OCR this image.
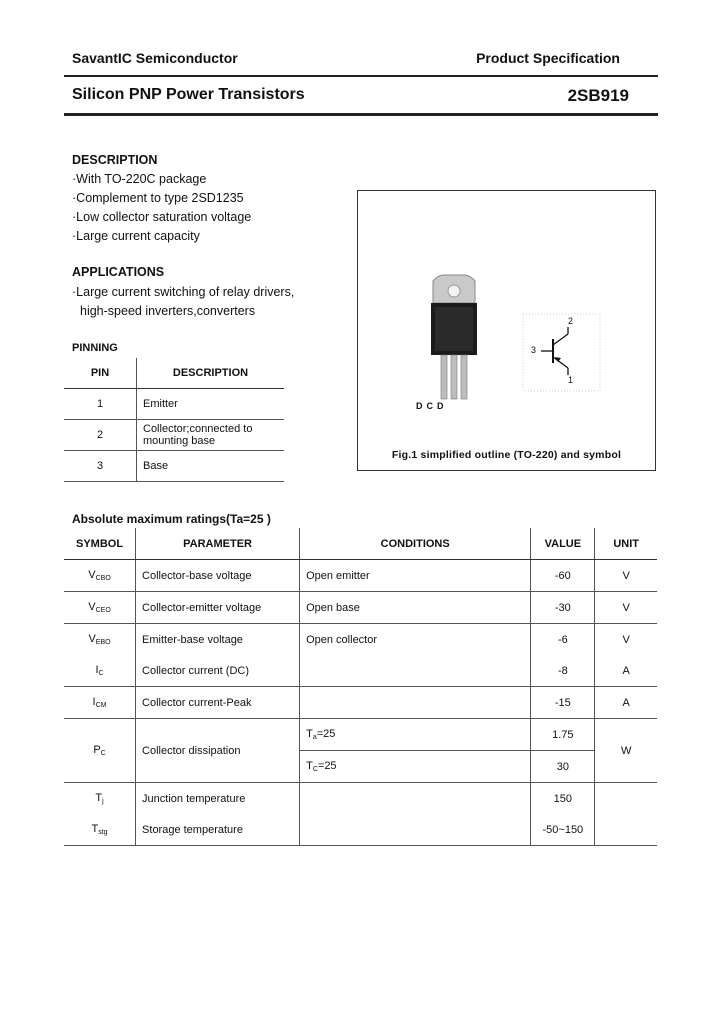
SavantIC Semiconductor	Product Specification
Silicon PNP Power Transistors	2SB919
DESCRIPTION
·With TO-220C package
·Complement to type 2SD1235
·Low collector saturation voltage
·Large current capacity
APPLICATIONS
·Large current switching of relay drivers,
high-speed inverters,converters
PINNING
PIN	DESCRIPTION
1	Emitter
2	Collector;connected to mounting base
3	Base
DCD
2
3
1
Fig.1 simplified outline (TO-220) and symbol
Absolute maximum ratings(Ta=25 )
SYMBOL	PARAMETER	CONDITIONS	VALUE	UNIT
$V_{CBO}$	Collector-base voltage	Open emitter	-60	V
$V_{CEO}$	Collector-emitter voltage	Open base	-30	V
$V_{EBO}$	Emitter-base voltage	Open collector	-6	V
$I_C$	Collector current (DC)		-8	A
$I_{CM}$	Collector current-Peak		-15	A
$P_C$	Collector dissipation	$T_a=25$	1.75	W
		$T_C=25$	30	
$T_j$	Junction temperature		150	
$T_{stg}$	Storage temperature		-50~150	
